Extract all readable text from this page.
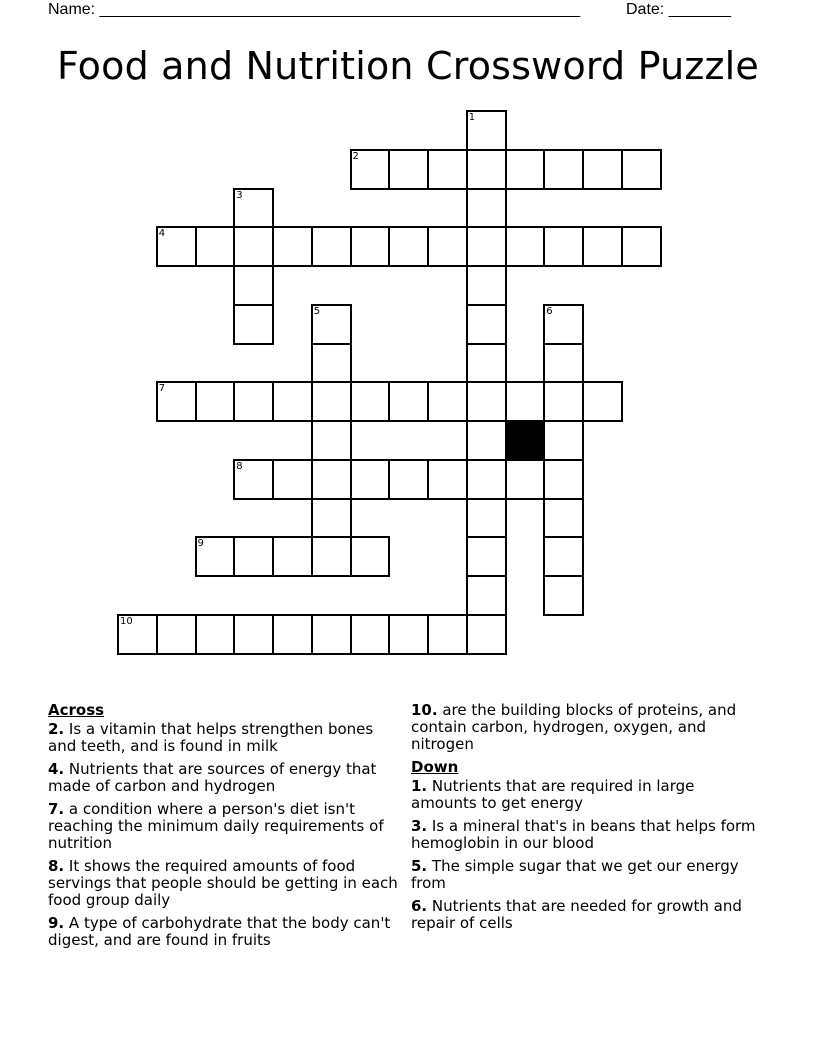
Name: ______________________________________________________	Date: _______
Food and Nutrition Crossword Puzzle
2
4
7
8
9
10
1
3
5	6
Across
2. Is a vitamin that helps strengthen bones and teeth, and is found in milk
4. Nutrients that are sources of energy that made of carbon and hydrogen
7. a condition where a person's diet isn't reaching the minimum daily requirements of nutrition
8. It shows the required amounts of food servings that people should be getting in each food group daily
9. A type of carbohydrate that the body can't digest, and are found in fruits
10. are the building blocks of proteins, and contain carbon, hydrogen, oxygen, and nitrogen
Down
1. Nutrients that are required in large amounts to get energy
3. Is a mineral that's in beans that helps form hemoglobin in our blood
5. The simple sugar that we get our energy from
6. Nutrients that are needed for growth and repair of cells
